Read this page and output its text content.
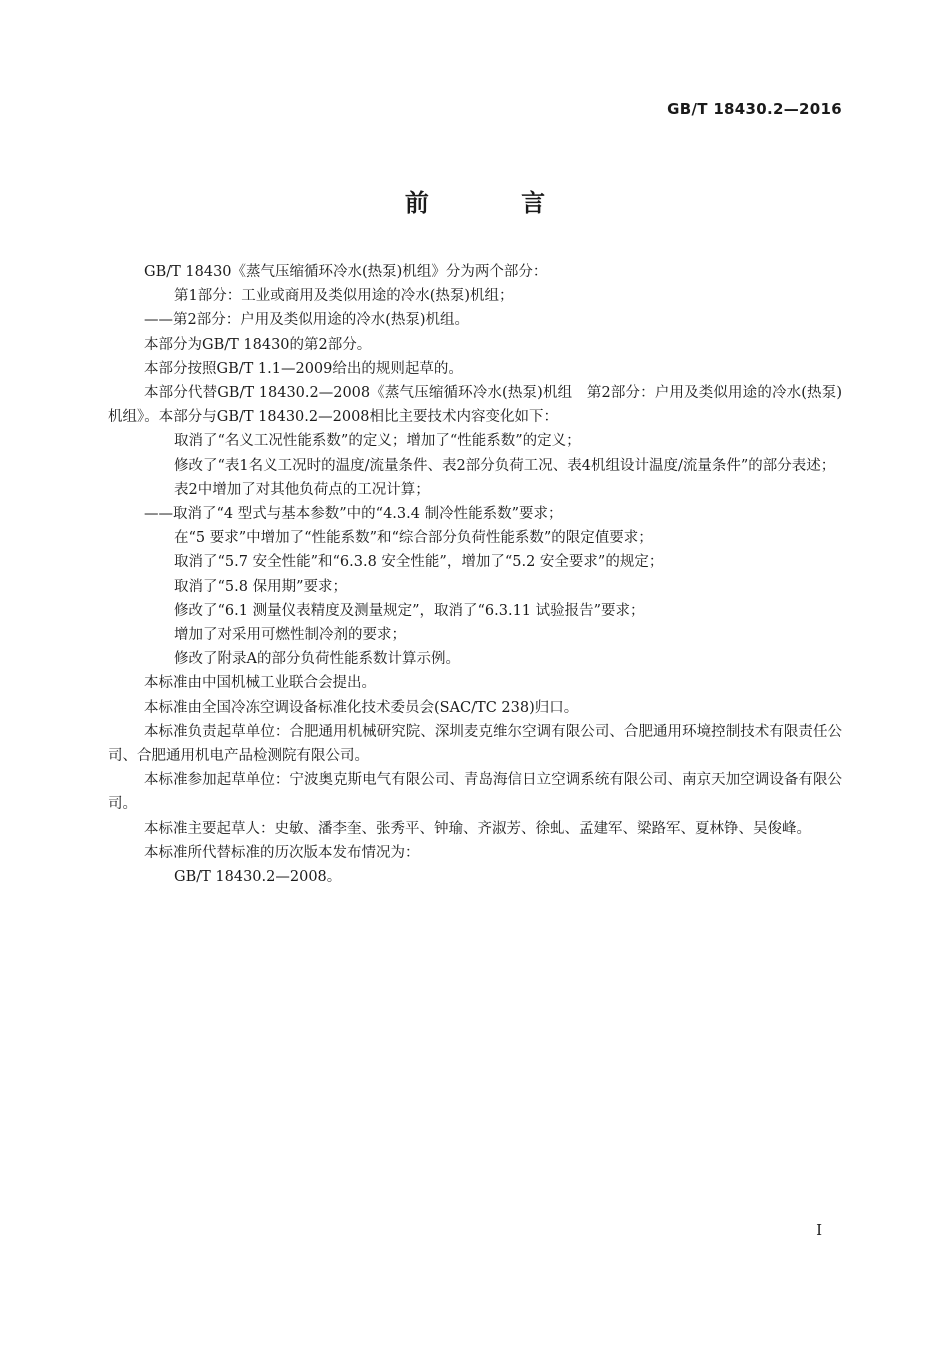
GB/T 18430.2—2016
前 言

GB/T 18430《蒸气压缩循环冷水(热泵)机组》分为两个部分：

第1部分：工业或商用及类似用途的冷水(热泵)机组；

——第2部分：户用及类似用途的冷水(热泵)机组。

本部分为GB/T 18430的第2部分。

本部分按照GB/T 1.1—2009给出的规则起草的。

本部分代替GB/T 18430.2—2008《蒸气压缩循环冷水(热泵)机组　第2部分：户用及类似用途的冷水(热泵)机组》。本部分与GB/T 18430.2—2008相比主要技术内容变化如下：

取消了“名义工况性能系数”的定义；增加了“性能系数”的定义；

修改了“表1名义工况时的温度/流量条件、表2部分负荷工况、表4机组设计温度/流量条件”的部分表述；

表2中增加了对其他负荷点的工况计算；

——取消了“4 型式与基本参数”中的“4.3.4 制冷性能系数”要求；

在“5 要求”中增加了“性能系数”和“综合部分负荷性能系数”的限定值要求；

取消了“5.7 安全性能”和“6.3.8 安全性能”，增加了“5.2 安全要求”的规定；

取消了“5.8 保用期”要求；

修改了“6.1 测量仪表精度及测量规定”，取消了“6.3.11 试验报告”要求；

增加了对采用可燃性制冷剂的要求；

修改了附录A的部分负荷性能系数计算示例。

本标准由中国机械工业联合会提出。

本标准由全国冷冻空调设备标准化技术委员会(SAC/TC 238)归口。

本标准负责起草单位：合肥通用机械研究院、深圳麦克维尔空调有限公司、合肥通用环境控制技术有限责任公司、合肥通用机电产品检测院有限公司。

本标准参加起草单位：宁波奥克斯电气有限公司、青岛海信日立空调系统有限公司、南京天加空调设备有限公司。

本标准主要起草人：史敏、潘李奎、张秀平、钟瑜、齐淑芳、徐虬、孟建军、梁路军、夏林铮、吴俊峰。

本标准所代替标准的历次版本发布情况为：

GB/T 18430.2—2008。

I
